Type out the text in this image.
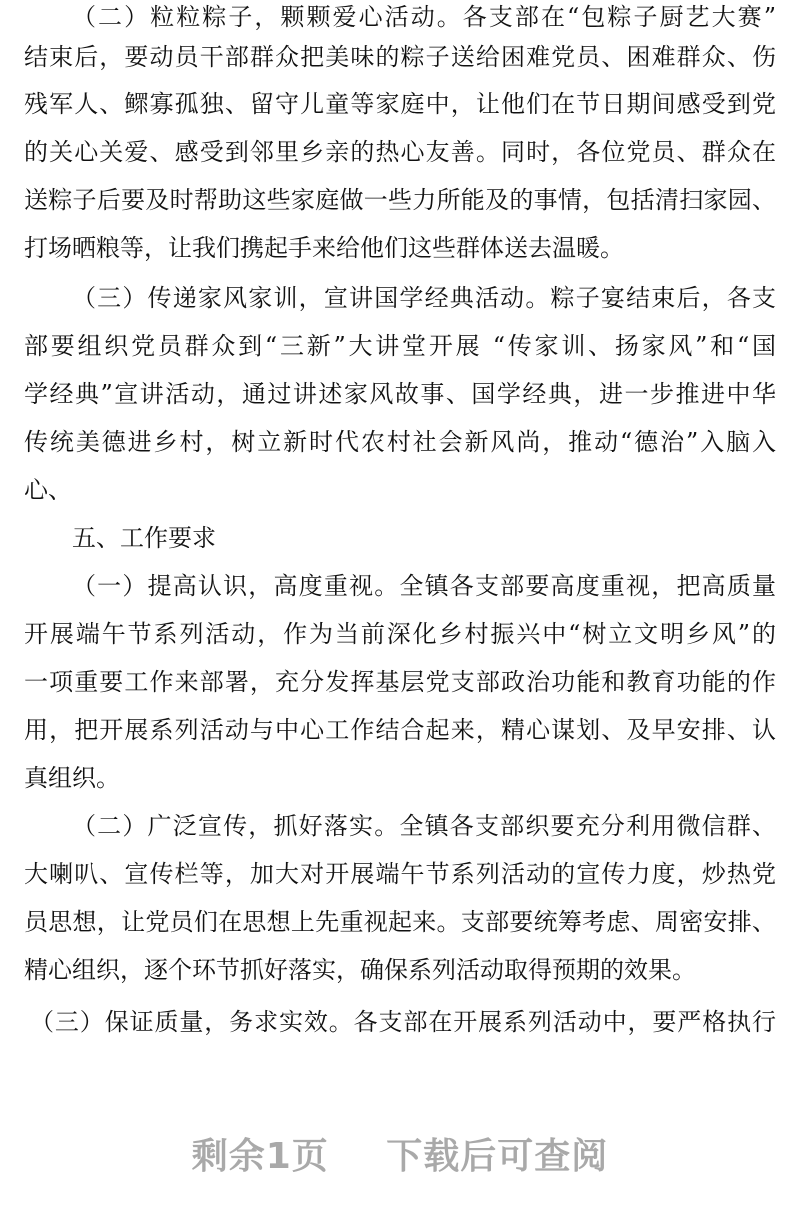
（二）粒粒粽子，颗颗爱心活动。各支部在“包粽子厨艺大赛”
结束后，要动员干部群众把美味的粽子送给困难党员、困难群众、伤
残军人、鳏寡孤独、留守儿童等家庭中，让他们在节日期间感受到党
的关心关爱、感受到邻里乡亲的热心友善。同时，各位党员、群众在
送粽子后要及时帮助这些家庭做一些力所能及的事情，包括清扫家园、
打场晒粮等，让我们携起手来给他们这些群体送去温暖。
（三）传递家风家训，宣讲国学经典活动。粽子宴结束后，各支
部要组织党员群众到“三新”大讲堂开展 “传家训、扬家风”和“国
学经典”宣讲活动，通过讲述家风故事、国学经典，进一步推进中华
传统美德进乡村，树立新时代农村社会新风尚，推动“德治”入脑入
心、
五、工作要求
（一）提高认识，高度重视。全镇各支部要高度重视，把高质量
开展端午节系列活动，作为当前深化乡村振兴中“树立文明乡风”的
一项重要工作来部署，充分发挥基层党支部政治功能和教育功能的作
用，把开展系列活动与中心工作结合起来，精心谋划、及早安排、认
真组织。
（二）广泛宣传，抓好落实。全镇各支部织要充分利用微信群、
大喇叭、宣传栏等，加大对开展端午节系列活动的宣传力度，炒热党
员思想，让党员们在思想上先重视起来。支部要统筹考虑、周密安排、
精心组织，逐个环节抓好落实，确保系列活动取得预期的效果。
（三）保证质量，务求实效。各支部在开展系列活动中，要严格执行
剩余1页 下载后可查阅
